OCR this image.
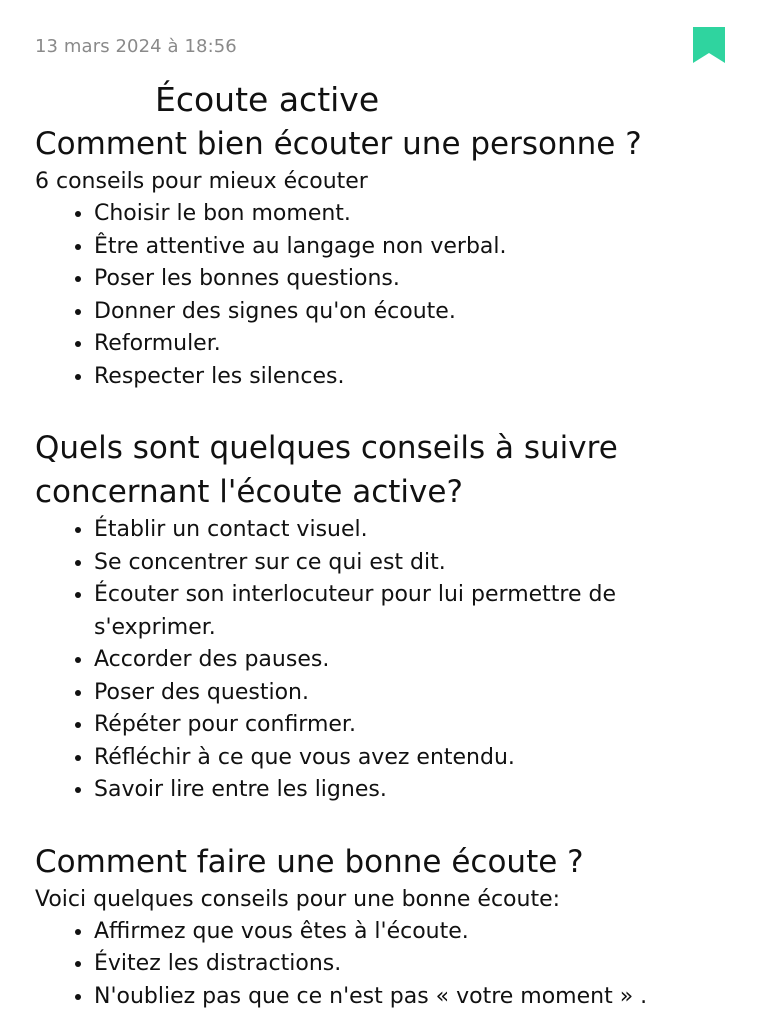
13 mars 2024 à 18:56
Écoute active
Comment bien écouter une personne ?

6 conseils pour mieux écouter

• Choisir le bon moment.
• Être attentive au langage non verbal.
• Poser les bonnes questions.
• Donner des signes qu'on écoute.
• Reformuler.
• Respecter les silences.
Quels sont quelques conseils à suivre concernant l'écoute active?
• Établir un contact visuel.
• Se concentrer sur ce qui est dit.
• Écouter son interlocuteur pour lui permettre de s'exprimer.
• Accorder des pauses.
• Poser des question.
• Répéter pour confirmer.
• Réfléchir à ce que vous avez entendu.
• Savoir lire entre les lignes.
Comment faire une bonne écoute ?

Voici quelques conseils pour une bonne écoute:

• Affirmez que vous êtes à l'écoute.
• Évitez les distractions.
• N'oubliez pas que ce n'est pas « votre moment » .
